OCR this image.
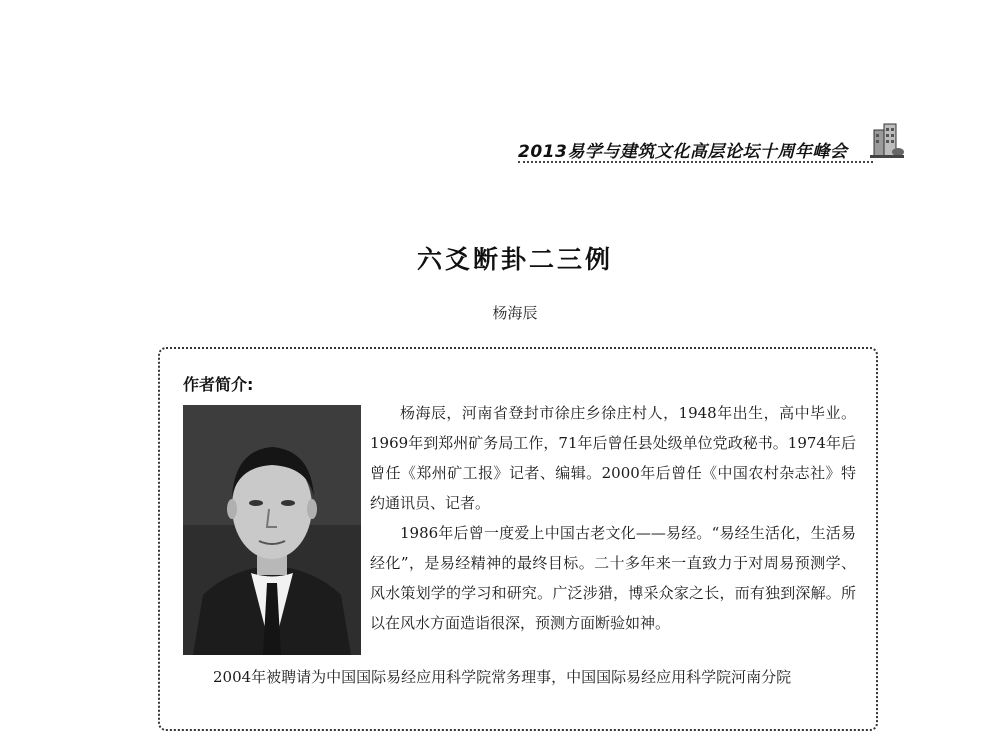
2013易学与建筑文化高层论坛十周年峰会
六爻断卦二三例
杨海辰
作者简介:

杨海辰，河南省登封市徐庄乡徐庄村人，1948年出生，高中毕业。1969年到郑州矿务局工作，71年后曾任县处级单位党政秘书。1974年后曾任《郑州矿工报》记者、编辑。2000年后曾任《中国农村杂志社》特约通讯员、记者。

1986年后曾一度爱上中国古老文化——易经。“易经生活化，生活易经化”，是易经精神的最终目标。二十多年来一直致力于对周易预测学、风水策划学的学习和研究。广泛涉猎，博采众家之长，而有独到深解。所以在风水方面造诣很深，预测方面断验如神。

2004年被聘请为中国国际易经应用科学院常务理事，中国国际易经应用科学院河南分院
